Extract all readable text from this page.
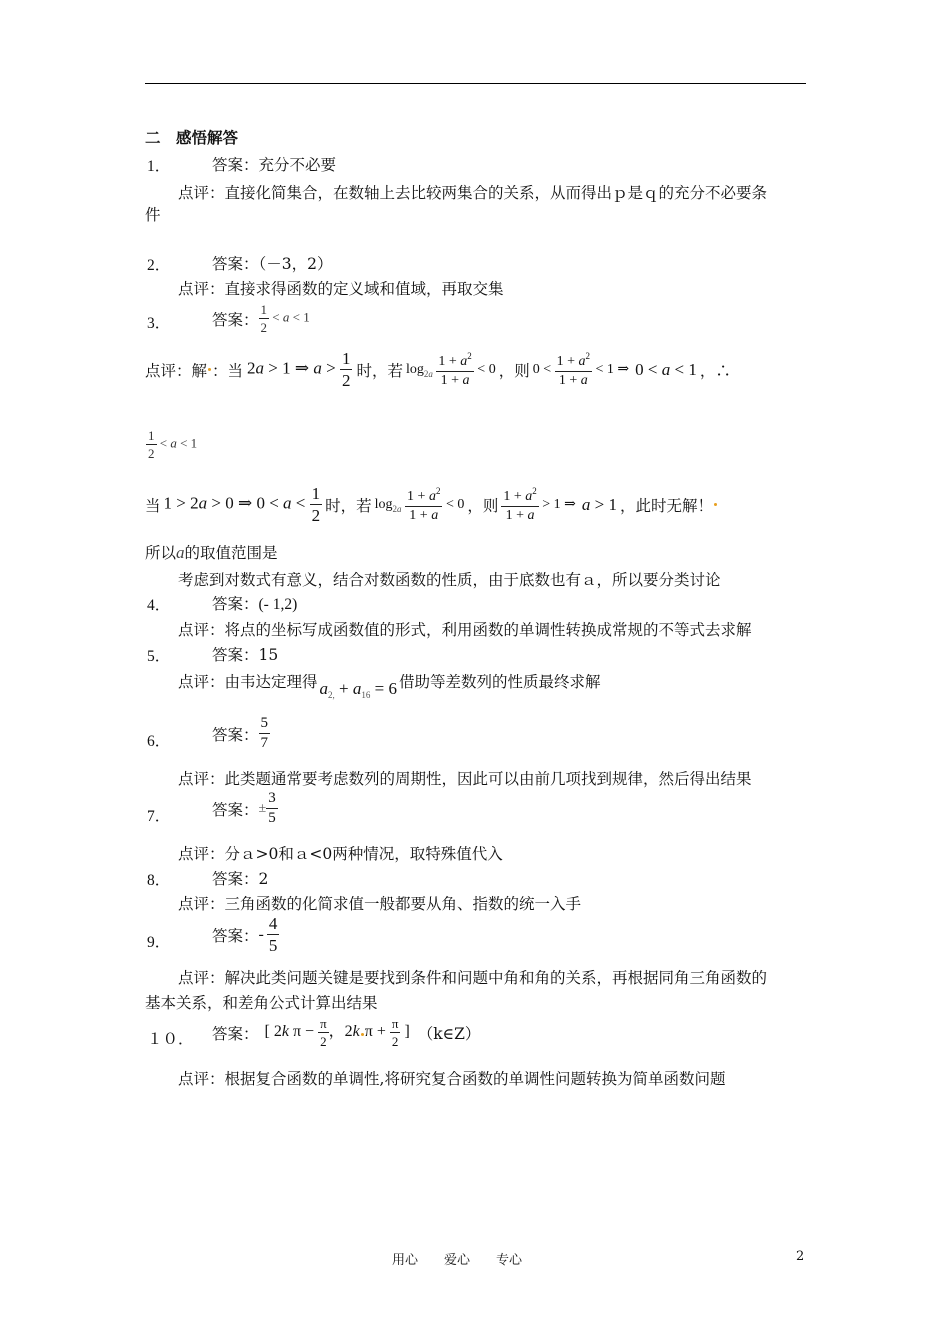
二　感悟解答
1．	答案：充分不必要
点评：直接化简集合，在数轴上去比较两集合的关系，从而得出ｐ是ｑ的充分不必要条
件
2．	答案：（－3，2）
点评：直接求得函数的定义域和值域，再取交集
3．	答案： $\frac{1}{2} < a < 1$
点评： 解 ：当 2a > 1 ⇒ $a > \frac{1}{2}$ 时，若 $\log_{2a} \frac{1 + a^2}{1 + a} < 0$ ，则 $0 < \frac{1 + a^2}{1 + a} < 1$ ⇒ 0 < a < 1 ，∴
$\frac{1}{2} < a < 1$
当 1 > 2a > 0 ⇒ $0 < a < \frac{1}{2}$ 时，若 $\log_{2a} \frac{1 + a^2}{1 + a} < 0$ ，则 $\frac{1 + a^2}{1 + a} > 1$ ⇒ a > 1 ， 此时无解！
所以a的取值范围是
考虑到对数式有意义，结合对数函数的性质，由于底数也有ａ，所以要分类讨论
4．	答案：(- 1,2)
点评：将点的坐标写成函数值的形式，利用函数的单调性转换成常规的不等式去求解
5．	答案：15
点评： 由韦达定理得 $a_{2,} + a_{16} = 6$ 借助等差数列的性质最终求解
6．	答案： $\frac{5}{7}$
点评：此类题通常要考虑数列的周期性，因此可以由前几项找到规律，然后得出结果
7．	答案： ± $\frac{3}{5}$
点评：分ａ>0和ａ<0两种情况，取特殊值代入
8．	答案：2
点评：三角函数的化简求值一般都要从角、指数的统一入手
9．	答案： - $\frac{4}{5}$
点评：解决此类问题关键是要找到条件和问题中角和角的关系，再根据同角三角函数的
基本关系，和差角公式计算出结果
１０． 答案： [ 2k $\pi - \frac{\pi}{2}$ ，2k $\pi + \frac{\pi}{2}$ ] （k∈Z）
点评：根据复合函数的单调性,将研究复合函数的单调性问题转换为简单函数问题
用心　　爱心　　专心	2
